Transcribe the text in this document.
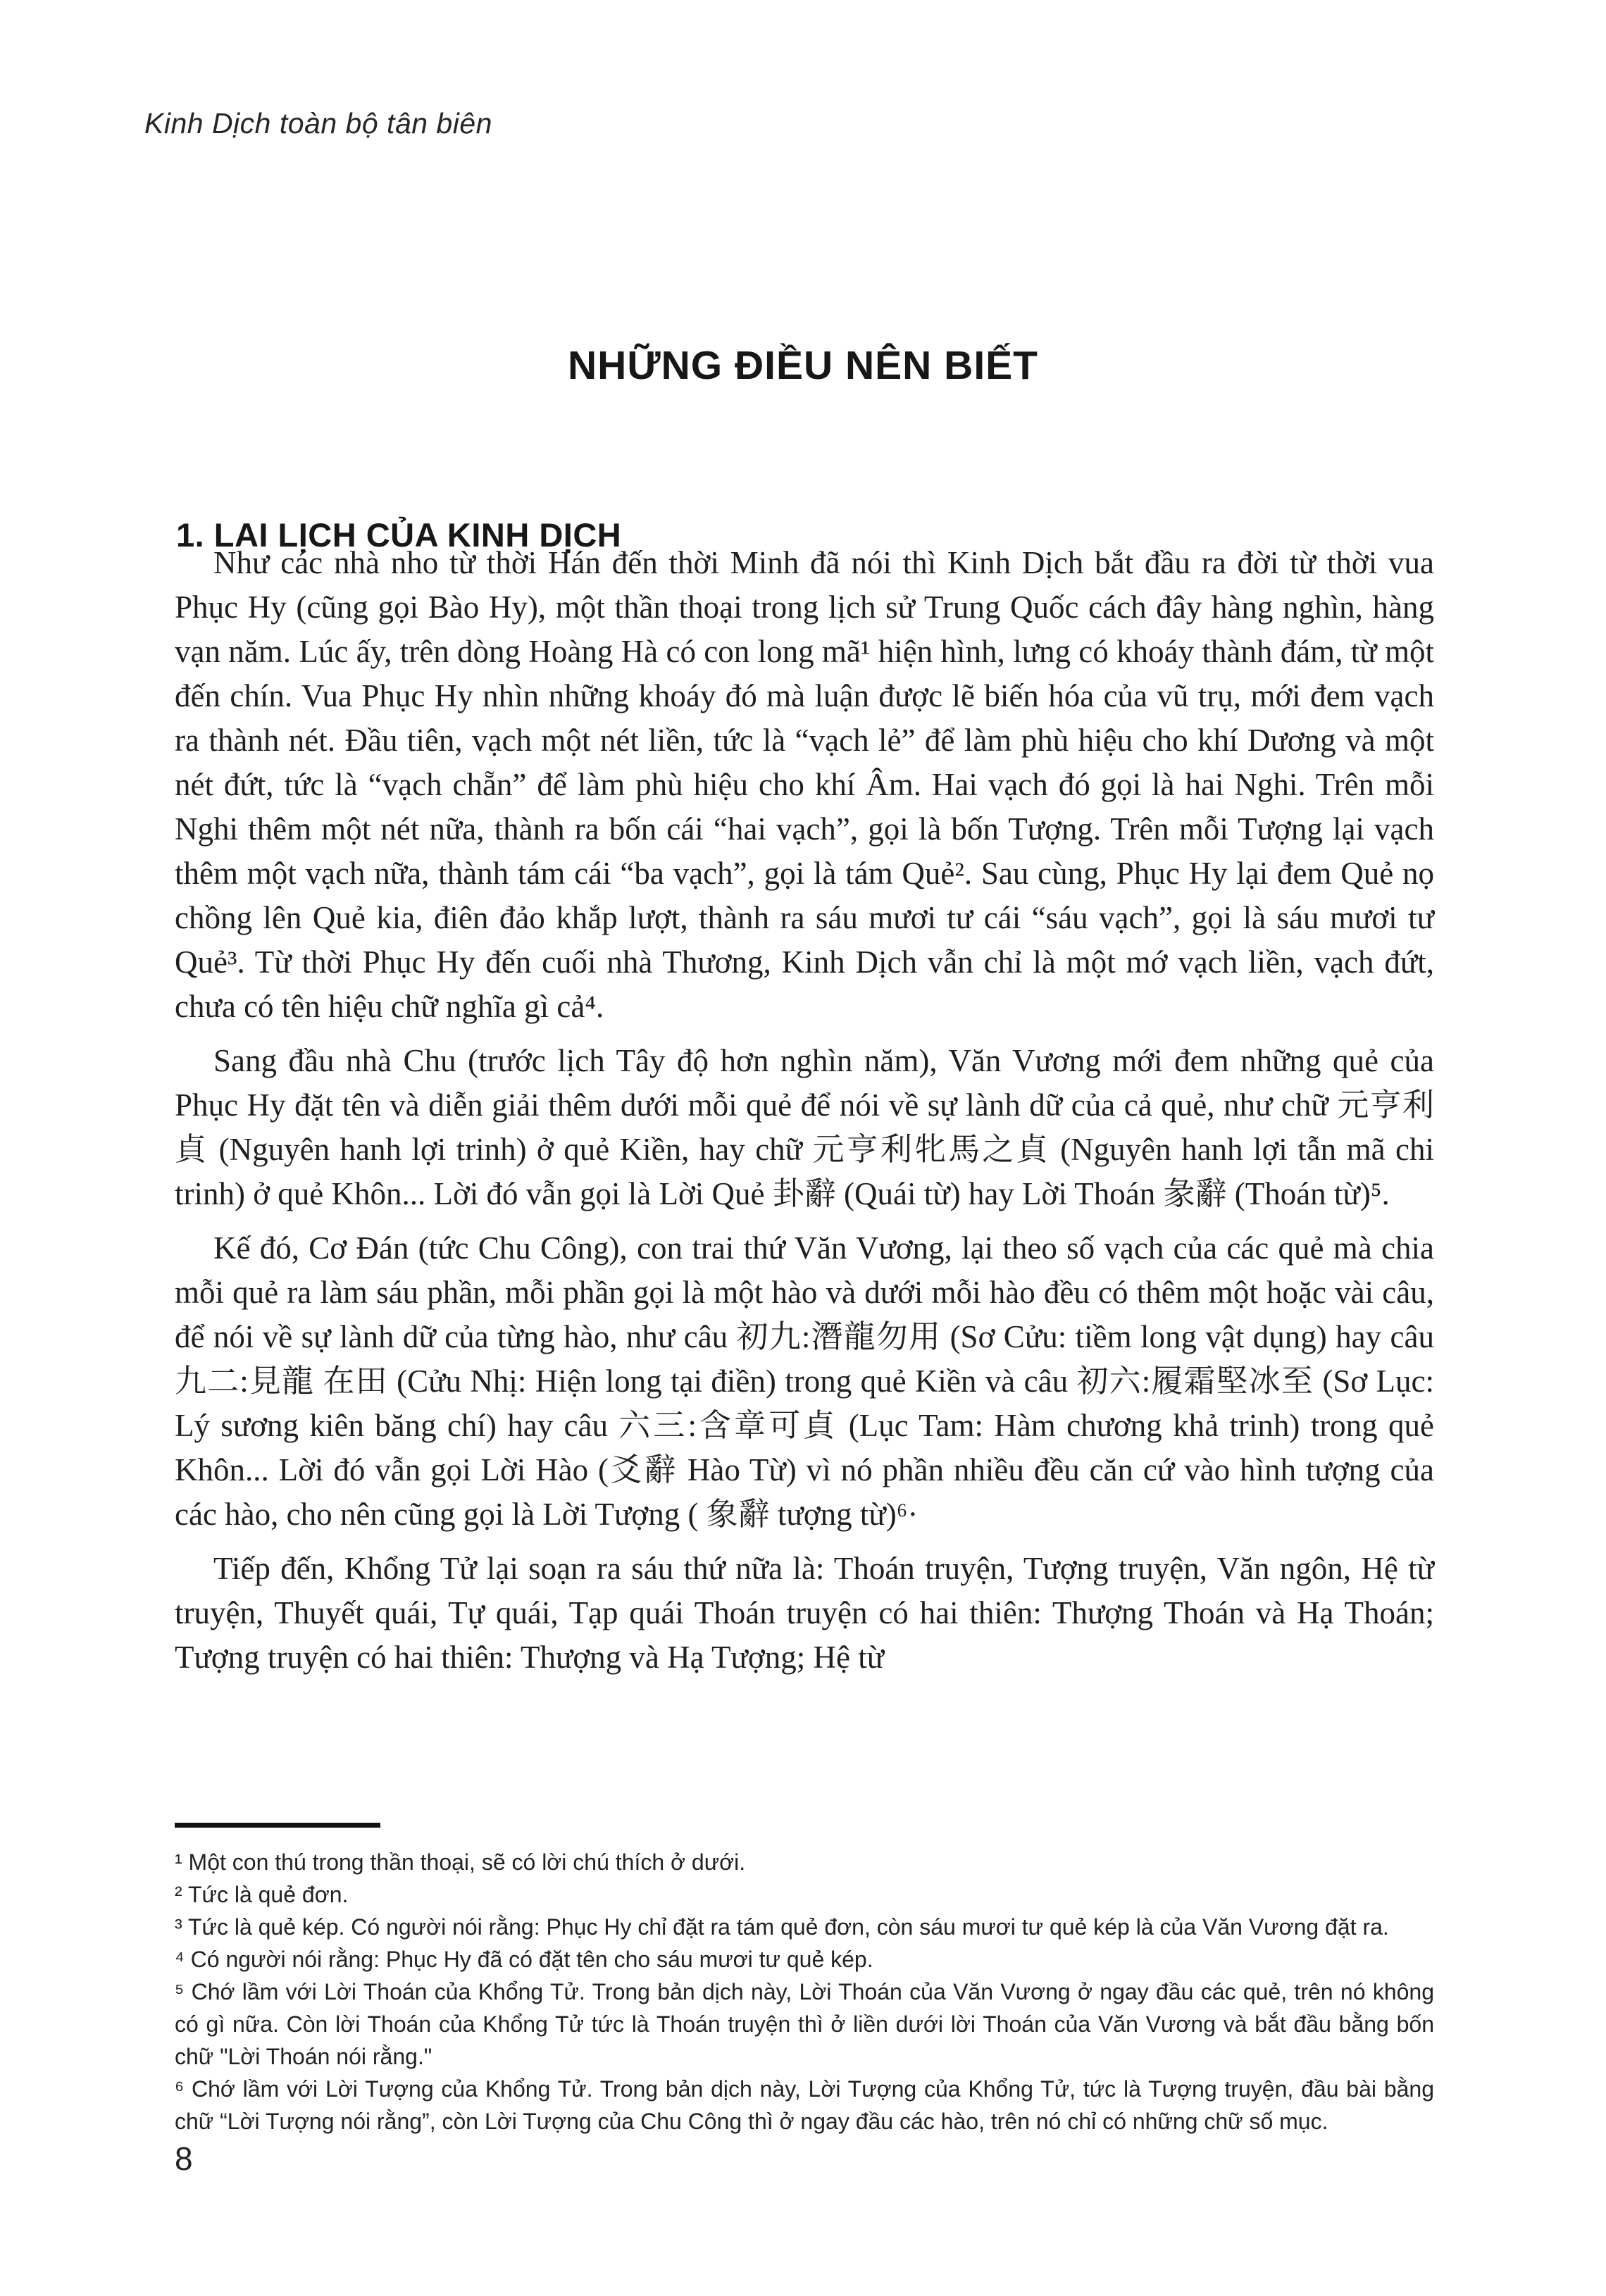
Kinh Dịch toàn bộ tân biên
NHỮNG ĐIỀU NÊN BIẾT
1. LAI LỊCH CỦA KINH DỊCH

Như các nhà nho từ thời Hán đến thời Minh đã nói thì Kinh Dịch bắt đầu ra đời từ thời vua Phục Hy (cũng gọi Bào Hy), một thần thoại trong lịch sử Trung Quốc cách đây hàng nghìn, hàng vạn năm. Lúc ấy, trên dòng Hoàng Hà có con long mã¹ hiện hình, lưng có khoáy thành đám, từ một đến chín. Vua Phục Hy nhìn những khoáy đó mà luận được lẽ biến hóa của vũ trụ, mới đem vạch ra thành nét. Đầu tiên, vạch một nét liền, tức là “vạch lẻ” để làm phù hiệu cho khí Dương và một nét đứt, tức là “vạch chẵn” để làm phù hiệu cho khí Âm. Hai vạch đó gọi là hai Nghi. Trên mỗi Nghi thêm một nét nữa, thành ra bốn cái “hai vạch”, gọi là bốn Tượng. Trên mỗi Tượng lại vạch thêm một vạch nữa, thành tám cái “ba vạch”, gọi là tám Quẻ². Sau cùng, Phục Hy lại đem Quẻ nọ chồng lên Quẻ kia, điên đảo khắp lượt, thành ra sáu mươi tư cái “sáu vạch”, gọi là sáu mươi tư Quẻ³. Từ thời Phục Hy đến cuối nhà Thương, Kinh Dịch vẫn chỉ là một mớ vạch liền, vạch đứt, chưa có tên hiệu chữ nghĩa gì cả⁴.

Sang đầu nhà Chu (trước lịch Tây độ hơn nghìn năm), Văn Vương mới đem những quẻ của Phục Hy đặt tên và diễn giải thêm dưới mỗi quẻ để nói về sự lành dữ của cả quẻ, như chữ 元亨利貞 (Nguyên hanh lợi trinh) ở quẻ Kiền, hay chữ 元亨利牝馬之貞 (Nguyên hanh lợi tẫn mã chi trinh) ở quẻ Khôn... Lời đó vẫn gọi là Lời Quẻ 卦辭 (Quái từ) hay Lời Thoán 彖辭 (Thoán từ)⁵.

Kế đó, Cơ Đán (tức Chu Công), con trai thứ Văn Vương, lại theo số vạch của các quẻ mà chia mỗi quẻ ra làm sáu phần, mỗi phần gọi là một hào và dưới mỗi hào đều có thêm một hoặc vài câu, để nói về sự lành dữ của từng hào, như câu 初九:潛龍勿用 (Sơ Cửu: tiềm long vật dụng) hay câu 九二:見龍 在田 (Cửu Nhị: Hiện long tại điền) trong quẻ Kiền và câu 初六:履霜堅冰至 (Sơ Lục: Lý sương kiên băng chí) hay câu 六三:含章可貞 (Lục Tam: Hàm chương khả trinh) trong quẻ Khôn... Lời đó vẫn gọi Lời Hào (爻辭 Hào Từ) vì nó phần nhiều đều căn cứ vào hình tượng của các hào, cho nên cũng gọi là Lời Tượng ( 象辭 tượng từ)⁶·

Tiếp đến, Khổng Tử lại soạn ra sáu thứ nữa là: Thoán truyện, Tượng truyện, Văn ngôn, Hệ từ truyện, Thuyết quái, Tự quái, Tạp quái Thoán truyện có hai thiên: Thượng Thoán và Hạ Thoán; Tượng truyện có hai thiên: Thượng và Hạ Tượng; Hệ từ

¹ Một con thú trong thần thoại, sẽ có lời chú thích ở dưới.

² Tức là quẻ đơn.

³ Tức là quẻ kép. Có người nói rằng: Phục Hy chỉ đặt ra tám quẻ đơn, còn sáu mươi tư quẻ kép là của Văn Vương đặt ra.

⁴ Có người nói rằng: Phục Hy đã có đặt tên cho sáu mươi tư quẻ kép.

⁵ Chớ lầm với Lời Thoán của Khổng Tử. Trong bản dịch này, Lời Thoán của Văn Vương ở ngay đầu các quẻ, trên nó không có gì nữa. Còn lời Thoán của Khổng Tử tức là Thoán truyện thì ở liền dưới lời Thoán của Văn Vương và bắt đầu bằng bốn chữ "Lời Thoán nói rằng."

⁶ Chớ lầm với Lời Tượng của Khổng Tử. Trong bản dịch này, Lời Tượng của Khổng Tử, tức là Tượng truyện, đầu bài bằng chữ “Lời Tượng nói rằng”, còn Lời Tượng của Chu Công thì ở ngay đầu các hào, trên nó chỉ có những chữ số mục.

8
